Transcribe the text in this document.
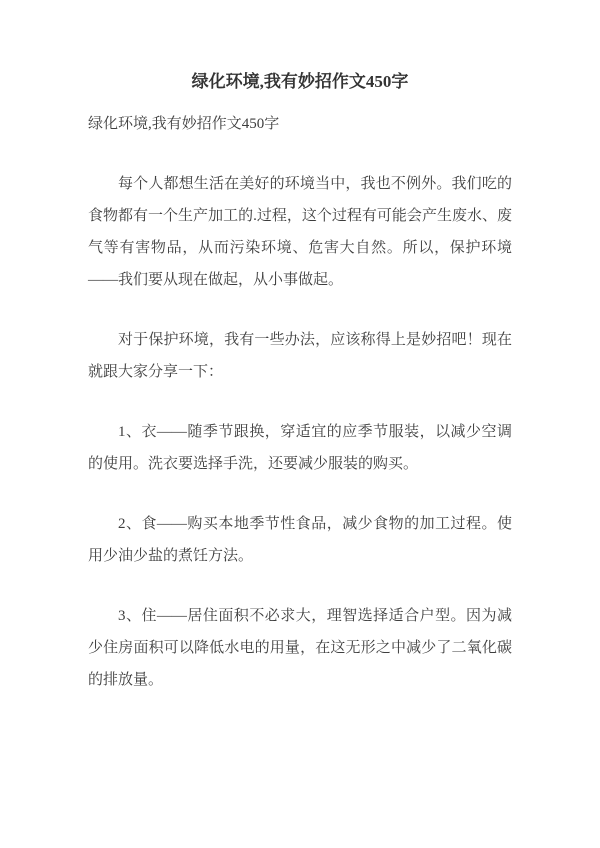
绿化环境,我有妙招作文450字

绿化环境,我有妙招作文450字

每个人都想生活在美好的环境当中，我也不例外。我们吃的食物都有一个生产加工的.过程，这个过程有可能会产生废水、废气等有害物品，从而污染环境、危害大自然。所以，保护环境——我们要从现在做起，从小事做起。

对于保护环境，我有一些办法，应该称得上是妙招吧！现在就跟大家分享一下：

1、衣——随季节跟换，穿适宜的应季节服装，以减少空调的使用。洗衣要选择手洗，还要减少服装的购买。

2、食——购买本地季节性食品，减少食物的加工过程。使用少油少盐的煮饪方法。

3、住——居住面积不必求大，理智选择适合户型。因为减少住房面积可以降低水电的用量，在这无形之中减少了二氧化碳的排放量。
